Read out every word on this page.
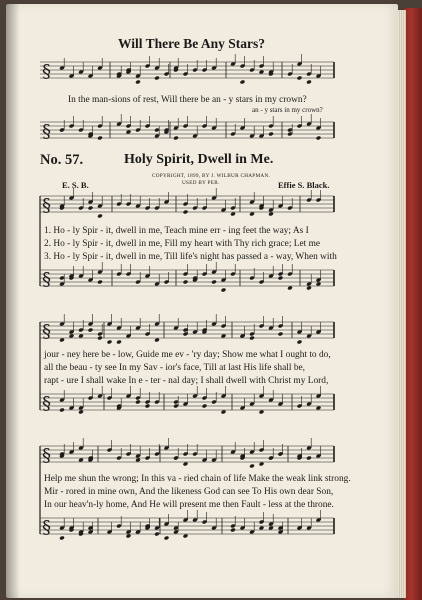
§
§
§
§
§
§
§
§
Will There Be Any Stars?
In the man-sions of rest, Will there be an - y stars in my crown?
an - y stars in my crown?
No. 57.	Holy Spirit, Dwell in Me.
COPYRIGHT, 1899, BY J. WILBUR CHAPMAN.
USED BY PER.
E. S. B.	Effie S. Black.
1. Ho - ly Spir - it, dwell in me, Teach mine err - ing feet the way; As I
2. Ho - ly Spir - it, dwell in me, Fill my heart with Thy rich grace; Let me
3. Ho - ly Spir - it, dwell in me, Till life's night has passed a - way, When with
jour - ney here be - low, Guide me ev - 'ry day; Show me what I ought to do,
all the beau - ty see In my Sav - ior's face, Till at last His life shall be,
rapt - ure I shall wake In e - ter - nal day; I shall dwell with Christ my Lord,
Help me shun the wrong; In this va - ried chain of life Make the weak link strong.
Mir - rored in mine own, And the likeness God can see To His own dear Son,
In our heav'n-ly home, And He will present me then Fault - less at the throne.
